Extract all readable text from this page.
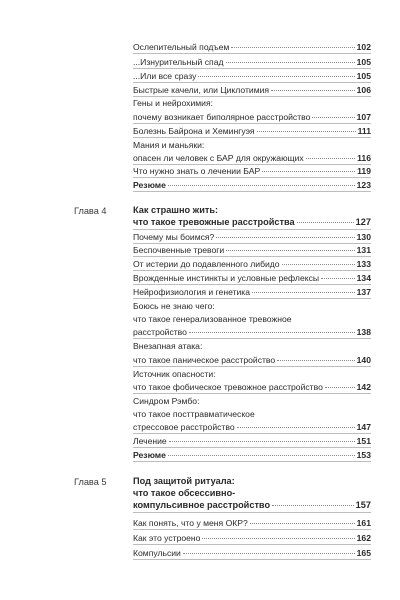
Ослепительный подъем	102
...Изнурительный спад	105
...Или все сразу	105
Быстрые качели, или Циклотимия	106
Гены и нейрохимия:
почему возникает биполярное расстройство	107
Болезнь Байрона и Хемингуэя	111
Мания и маньяки:
опасен ли человек с БАР для окружающих	116
Что нужно знать о лечении БАР	119
Резюме	123
Глава 4	Как страшно жить:
что такое тревожные расстройства	127
Почему мы боимся?	130
Беспочвенные тревоги	131
От истерии до подавленного либидо	133
Врожденные инстинкты и условные рефлексы	134
Нейрофизиология и генетика	137
Боюсь не знаю чего:
что такое генерализованное тревожное
расстройство	138
Внезапная атака:
что такое паническое расстройство	140
Источник опасности:
что такое фобическое тревожное расстройство	142
Синдром Рэмбо:
что такое посттравматическое
стрессовое расстройство	147
Лечение	151
Резюме	153
Глава 5	Под защитой ритуала:
что такое обсессивно-
компульсивное расстройство	157
Как понять, что у меня ОКР?	161
Как это устроено	162
Компульсии	165
